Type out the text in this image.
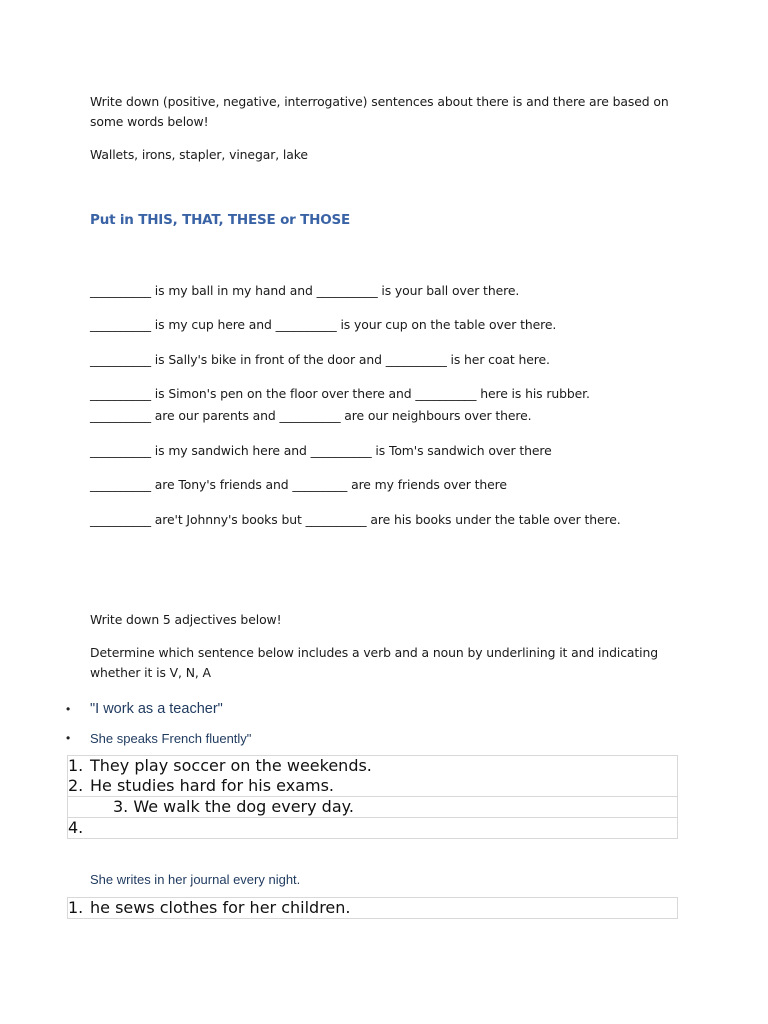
Write down (positive, negative, interrogative) sentences about there is and there are based on some words below!
Wallets, irons, stapler, vinegar, lake
Put in THIS, THAT, THESE or THOSE
__________ is my ball in my hand and __________ is your ball over there.
__________ is my cup here and __________ is your cup on the table over there.
__________ is Sally's bike in front of the door and __________ is her coat here.
__________ is Simon's pen on the floor over there and __________ here is his rubber.
__________ are our parents and __________ are our neighbours over there.
__________ is my sandwich here and __________ is Tom's sandwich over there
__________ are Tony's friends and _________ are my friends over there
__________ are't Johnny's books but __________ are his books under the table over there.
Write down 5 adjectives below!
Determine which sentence below includes a verb and a noun by underlining it and indicating whether it is V, N, A
• "I work as a teacher"
• She speaks French fluently"
1. They play soccer on the weekends.
2. He studies hard for his exams.
3. We walk the dog every day.
4.
She writes in her journal every night.
1. he sews clothes for her children.
